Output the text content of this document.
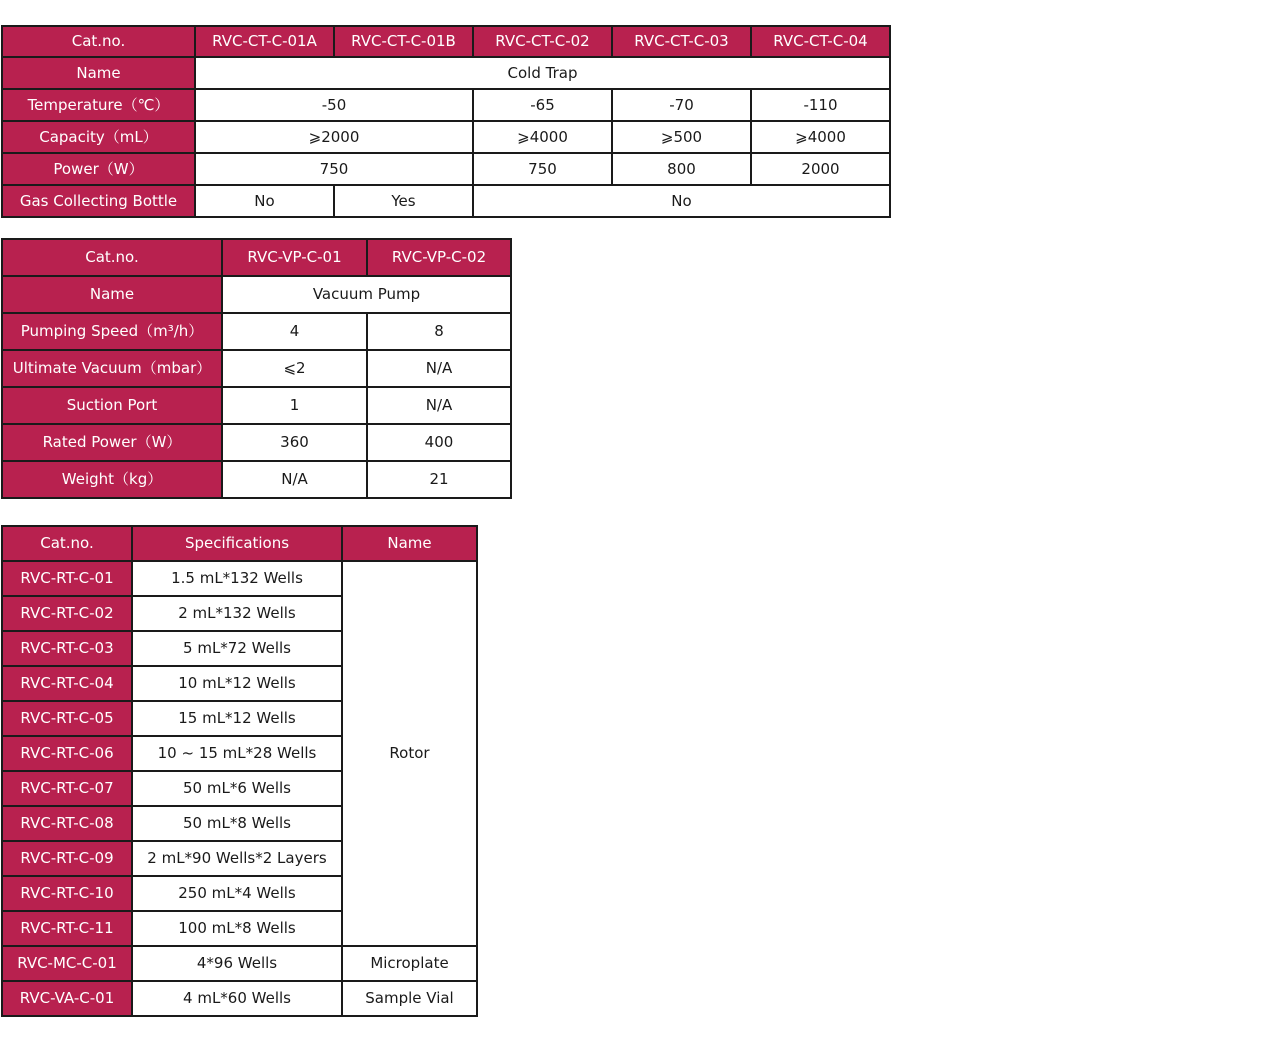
Cat.no.	RVC-CT-C-01A	RVC-CT-C-01B	RVC-CT-C-02	RVC-CT-C-03	RVC-CT-C-04
Name	Cold Trap				
Temperature（℃）	-50		-65	-70	-110
Capacity（mL）	⩾2000		⩾4000	⩾500	⩾4000
Power（W）	750		750	800	2000
Gas Collecting Bottle	No	Yes	No		
Cat.no.	RVC-VP-C-01	RVC-VP-C-02
Name	Vacuum Pump	
Pumping Speed（m³/h）	4	8
Ultimate Vacuum（mbar）	⩽2	N/A
Suction Port	1	N/A
Rated Power（W）	360	400
Weight（kg）	N/A	21
Cat.no.	Specifications	Name
RVC-RT-C-01	1.5 mL*132 Wells	Rotor
RVC-RT-C-02	2 mL*132 Wells	
RVC-RT-C-03	5 mL*72 Wells	
RVC-RT-C-04	10 mL*12 Wells	
RVC-RT-C-05	15 mL*12 Wells	
RVC-RT-C-06	10 ~ 15 mL*28 Wells	
RVC-RT-C-07	50 mL*6 Wells	
RVC-RT-C-08	50 mL*8 Wells	
RVC-RT-C-09	2 mL*90 Wells*2 Layers	
RVC-RT-C-10	250 mL*4 Wells	
RVC-RT-C-11	100 mL*8 Wells	
RVC-MC-C-01	4*96 Wells	Microplate
RVC-VA-C-01	4 mL*60 Wells	Sample Vial
